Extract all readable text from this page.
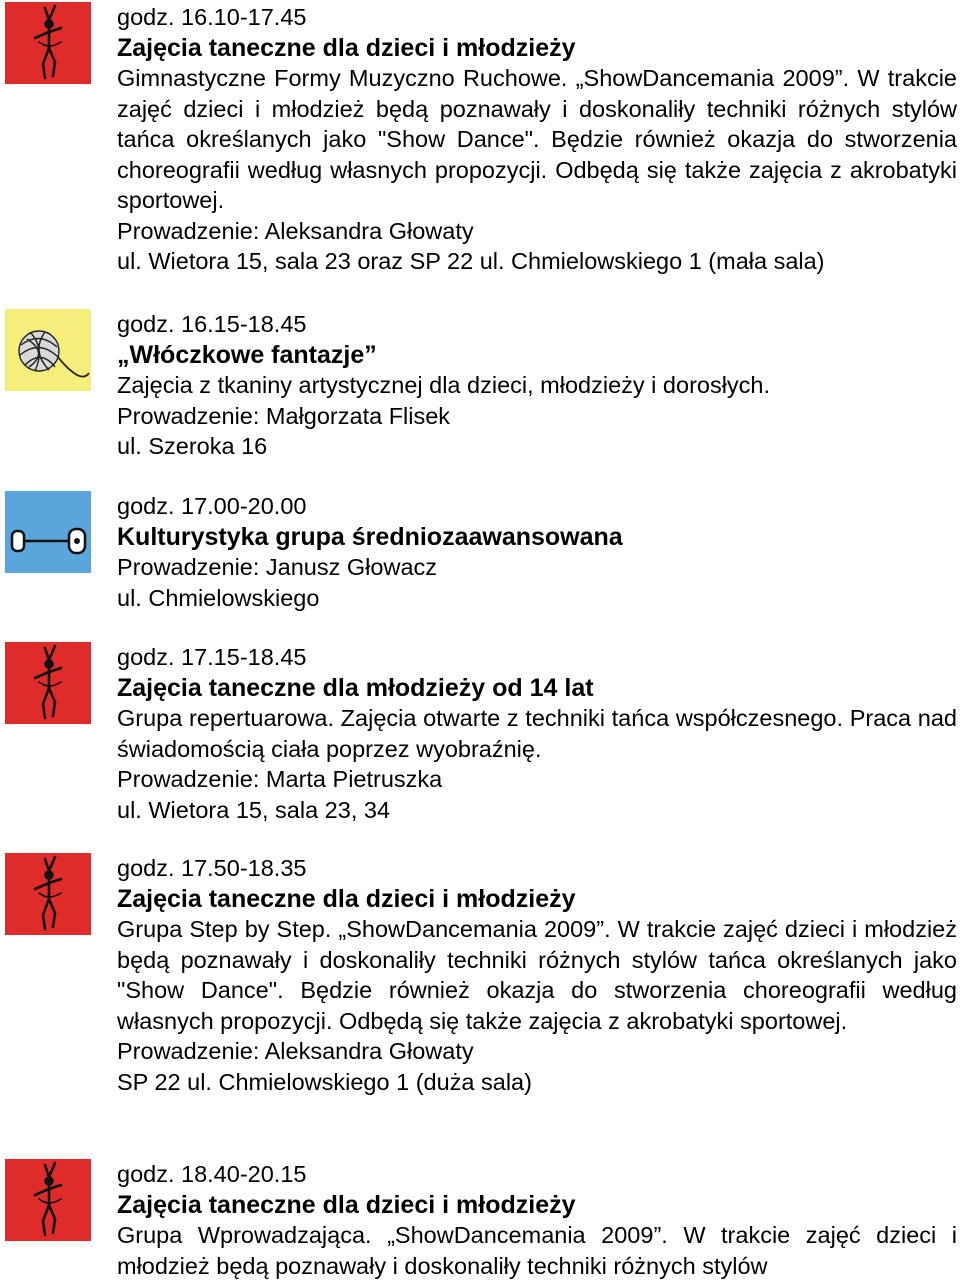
godz. 16.10-17.45
Zajęcia taneczne dla dzieci i młodzieży
Gimnastyczne Formy Muzyczno Ruchowe. „ShowDancemania 2009”. W trakcie zajęć dzieci i młodzież będą poznawały i doskonaliły techniki różnych stylów tańca określanych jako "Show Dance". Będzie również okazja do stworzenia choreografii według własnych propozycji. Odbędą się także zajęcia z akrobatyki sportowej.
Prowadzenie: Aleksandra Głowaty
ul. Wietora 15, sala 23 oraz SP 22 ul. Chmielowskiego 1 (mała sala)
godz. 16.15-18.45
„Włóczkowe fantazje”
Zajęcia z tkaniny artystycznej dla dzieci, młodzieży i dorosłych.
Prowadzenie: Małgorzata Flisek
ul. Szeroka 16
godz. 17.00-20.00
Kulturystyka grupa średniozaawansowana
Prowadzenie: Janusz Głowacz
ul. Chmielowskiego
godz. 17.15-18.45
Zajęcia taneczne dla młodzieży od 14 lat
Grupa repertuarowa. Zajęcia otwarte z techniki tańca współczesnego. Praca nad świadomością ciała poprzez wyobraźnię.
Prowadzenie: Marta Pietruszka
ul. Wietora 15, sala 23, 34
godz. 17.50-18.35
Zajęcia taneczne dla dzieci i młodzieży
Grupa Step by Step. „ShowDancemania 2009”. W trakcie zajęć dzieci i młodzież będą poznawały i doskonaliły techniki różnych stylów tańca określanych jako "Show Dance". Będzie również okazja do stworzenia choreografii według własnych propozycji. Odbędą się także zajęcia z akrobatyki sportowej.
Prowadzenie: Aleksandra Głowaty
SP 22 ul. Chmielowskiego 1 (duża sala)
godz. 18.40-20.15
Zajęcia taneczne dla dzieci i młodzieży
Grupa Wprowadzająca. „ShowDancemania 2009”. W trakcie zajęć dzieci i młodzież będą poznawały i doskonaliły techniki różnych stylów
